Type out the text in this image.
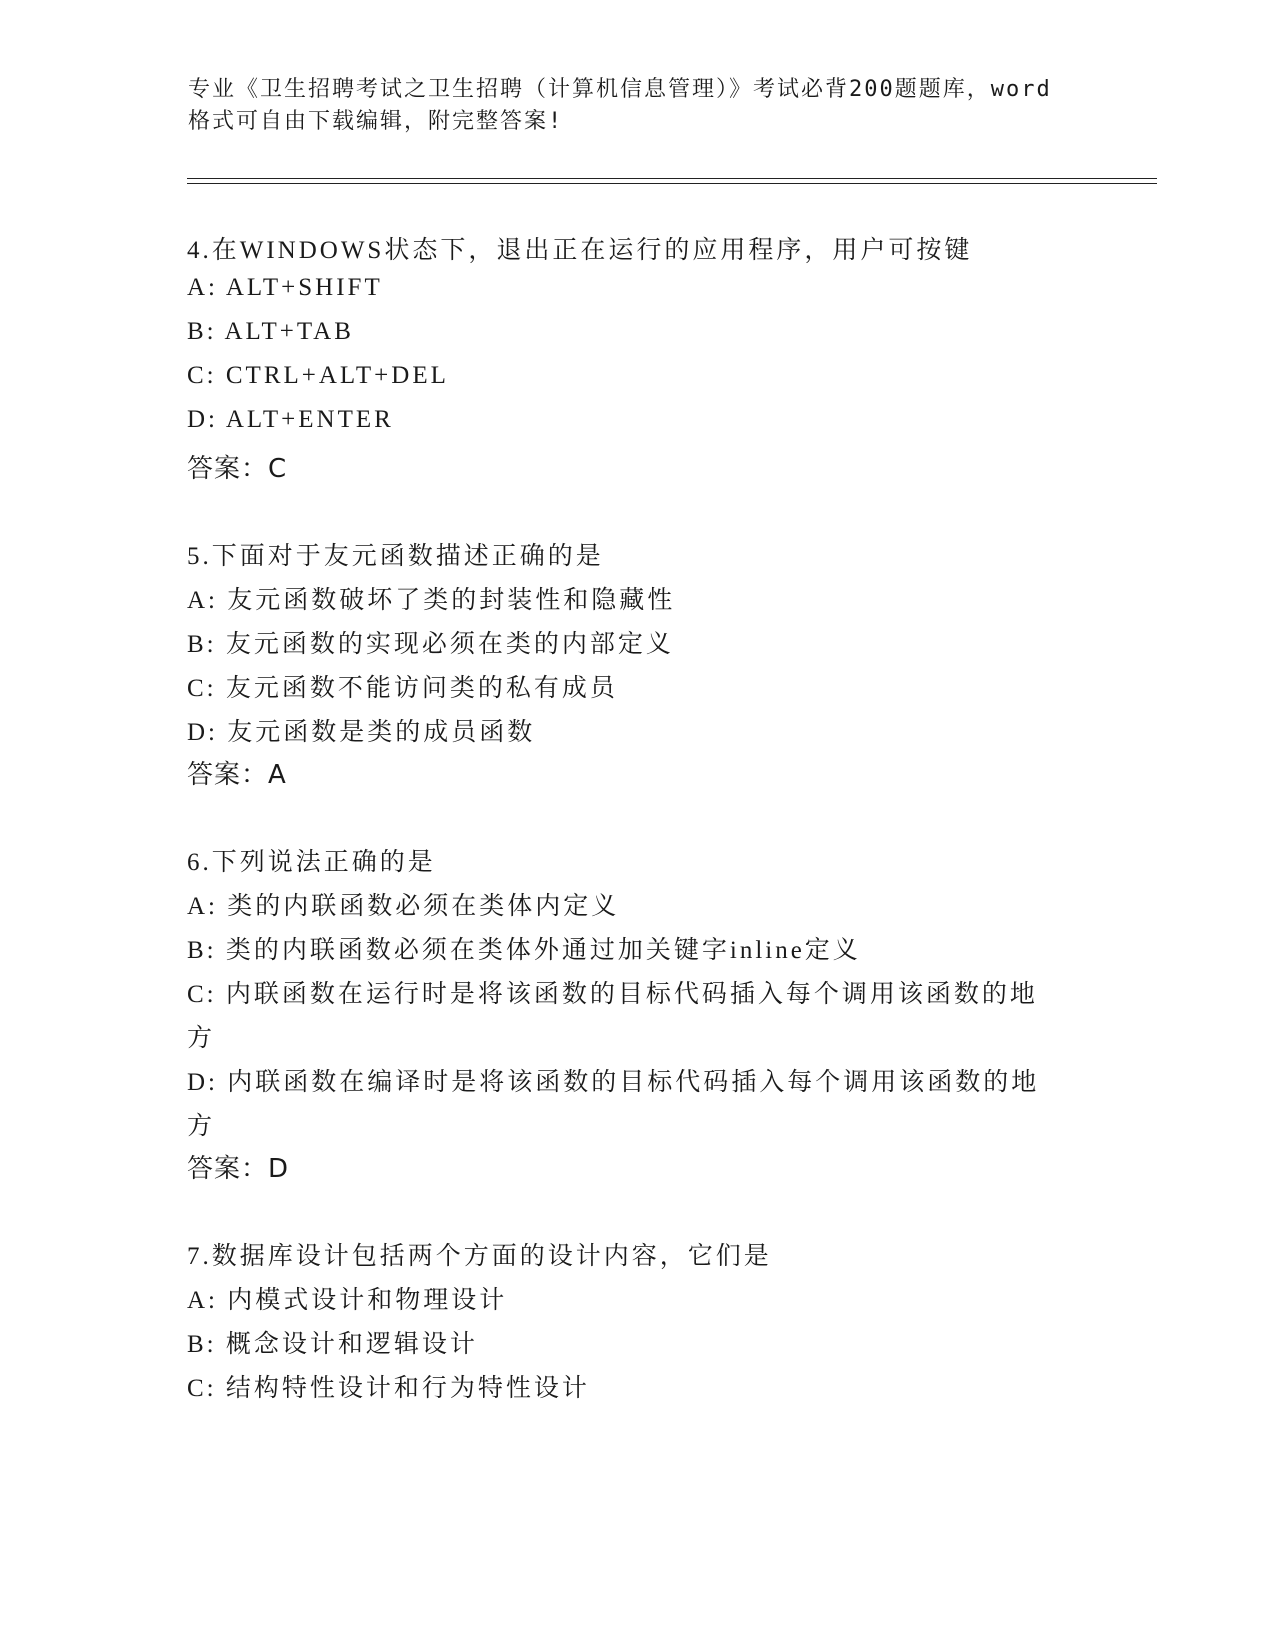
专业《卫生招聘考试之卫生招聘（计算机信息管理）》考试必背200题题库，word
格式可自由下载编辑，附完整答案!
4.在WINDOWS状态下，退出正在运行的应用程序，用户可按键
A: ALT+SHIFT
B: ALT+TAB
C: CTRL+ALT+DEL
D: ALT+ENTER
答案：C
5.下面对于友元函数描述正确的是
A: 友元函数破坏了类的封装性和隐藏性
B: 友元函数的实现必须在类的内部定义
C: 友元函数不能访问类的私有成员
D: 友元函数是类的成员函数
答案：A
6.下列说法正确的是
A: 类的内联函数必须在类体内定义
B: 类的内联函数必须在类体外通过加关键字inline定义
C: 内联函数在运行时是将该函数的目标代码插入每个调用该函数的地
方
D: 内联函数在编译时是将该函数的目标代码插入每个调用该函数的地
方
答案：D
7.数据库设计包括两个方面的设计内容，它们是
A: 内模式设计和物理设计
B: 概念设计和逻辑设计
C: 结构特性设计和行为特性设计
